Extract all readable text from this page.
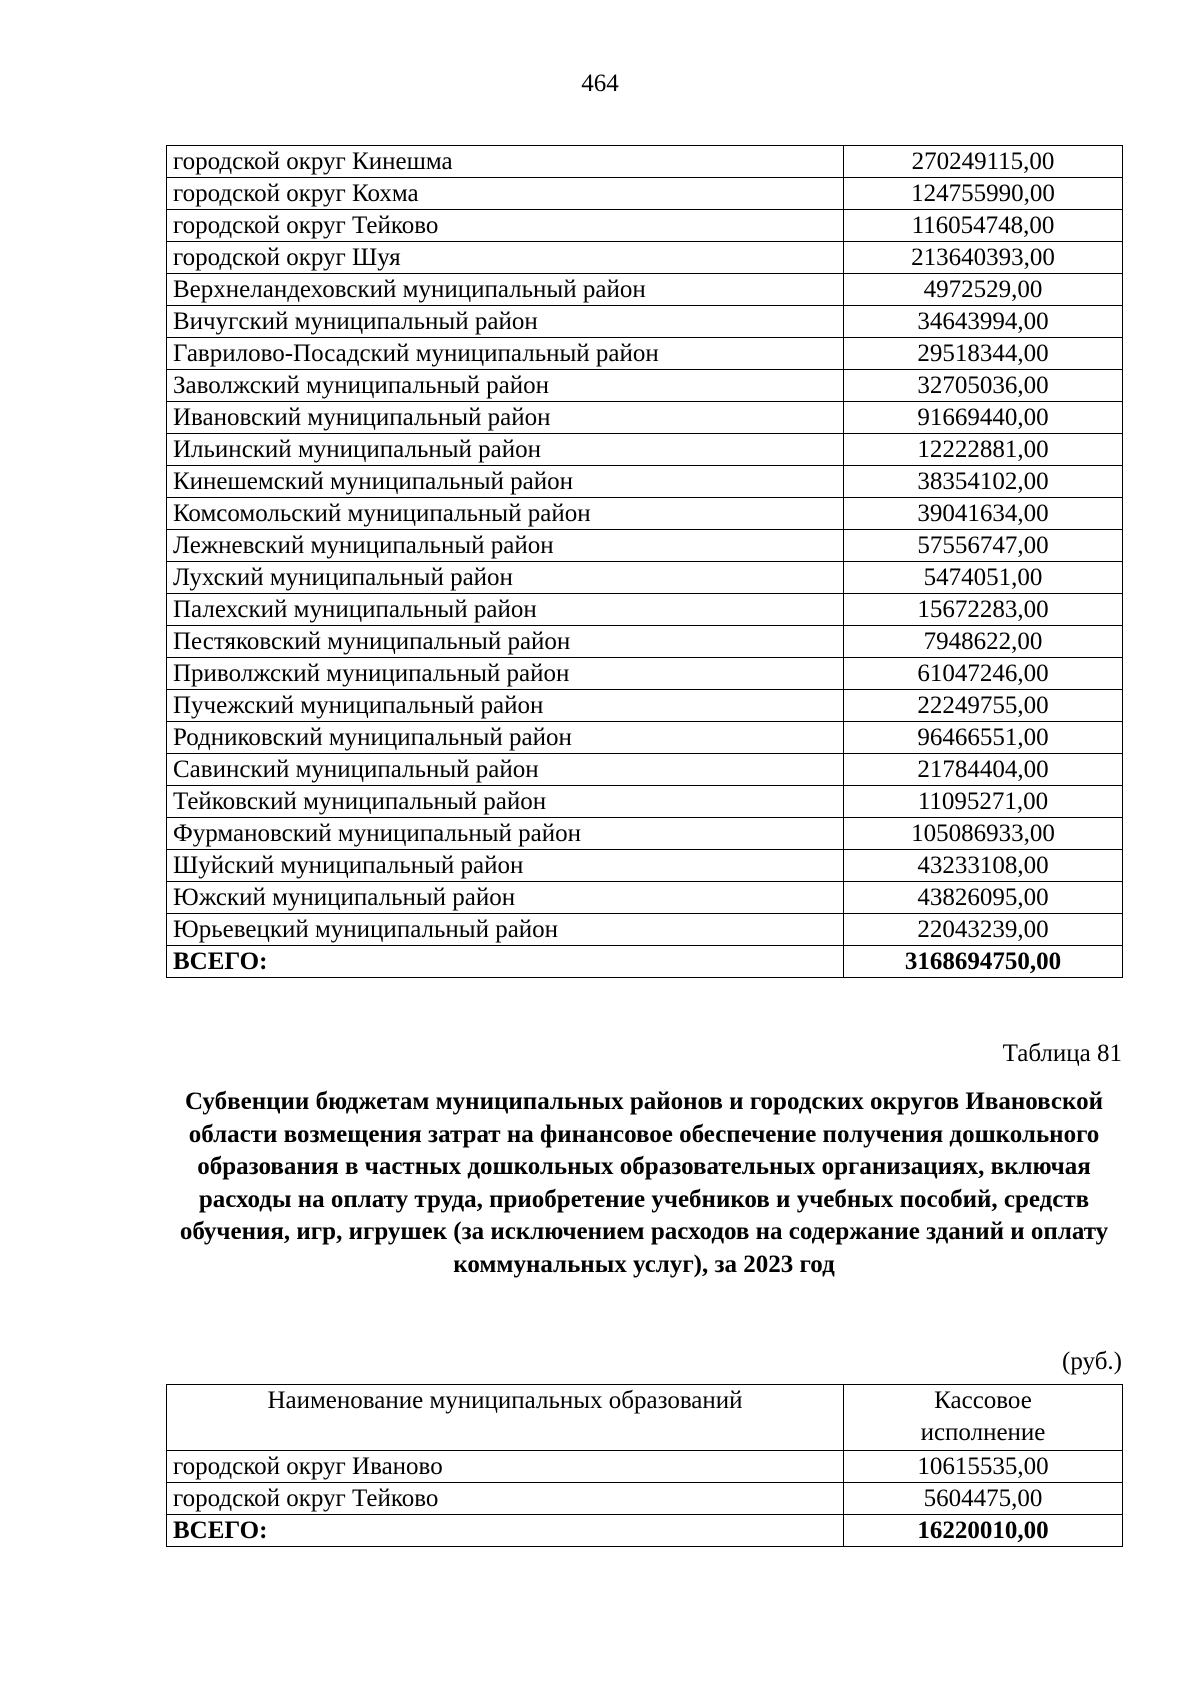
464
городской округ Кинешма	270249115,00
городской округ Кохма	124755990,00
городской округ Тейково	116054748,00
городской округ Шуя	213640393,00
Верхнеландеховский муниципальный район	4972529,00
Вичугский муниципальный район	34643994,00
Гаврилово-Посадский муниципальный район	29518344,00
Заволжский муниципальный район	32705036,00
Ивановский муниципальный район	91669440,00
Ильинский муниципальный район	12222881,00
Кинешемский муниципальный район	38354102,00
Комсомольский муниципальный район	39041634,00
Лежневский муниципальный район	57556747,00
Лухский муниципальный район	5474051,00
Палехский муниципальный район	15672283,00
Пестяковский муниципальный район	7948622,00
Приволжский муниципальный район	61047246,00
Пучежский муниципальный район	22249755,00
Родниковский муниципальный район	96466551,00
Савинский муниципальный район	21784404,00
Тейковский муниципальный район	11095271,00
Фурмановский муниципальный район	105086933,00
Шуйский муниципальный район	43233108,00
Южский муниципальный район	43826095,00
Юрьевецкий муниципальный район	22043239,00
ВСЕГО:	3168694750,00
Таблица 81
Субвенции бюджетам муниципальных районов и городских округов Ивановской области возмещения затрат на финансовое обеспечение получения дошкольного образования в частных дошкольных образовательных организациях, включая расходы на оплату труда, приобретение учебников и учебных пособий, средств обучения, игр, игрушек (за исключением расходов на содержание зданий и оплату коммунальных услуг), за 2023 год
(руб.)
Наименование муниципальных образований	Кассовое исполнение
городской округ Иваново	10615535,00
городской округ Тейково	5604475,00
ВСЕГО:	16220010,00
